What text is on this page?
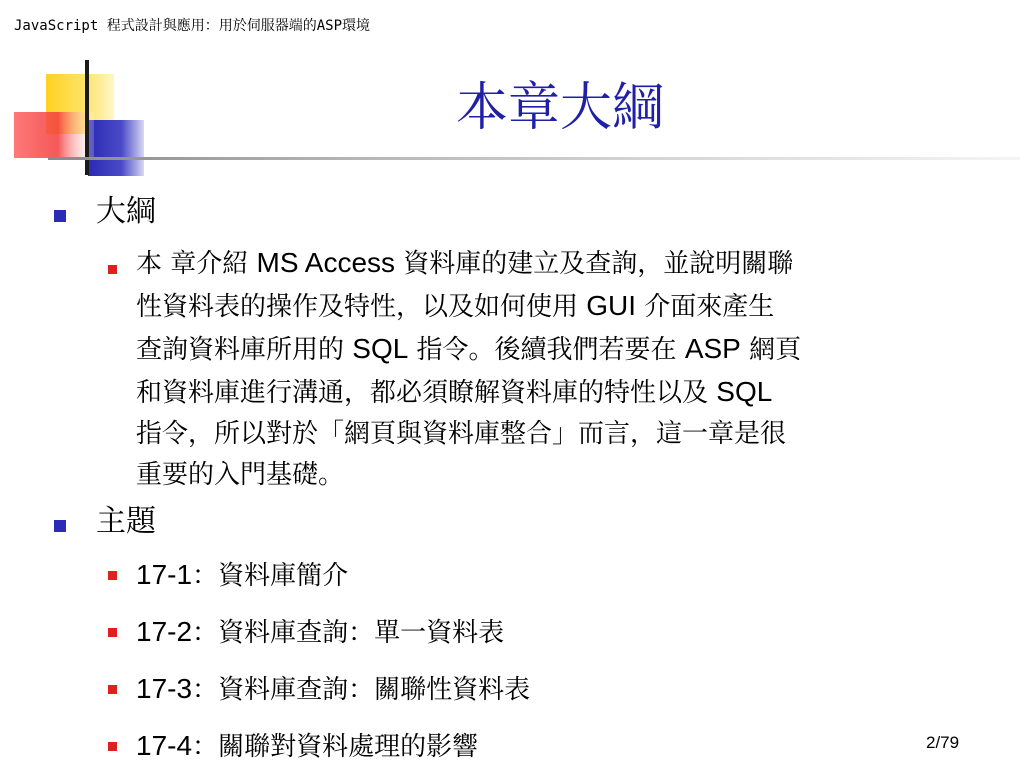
JavaScript 程式設計與應用：用於伺服器端的ASP環境
本章大綱
大綱
本 章介紹 MS Access 資料庫的建立及查詢，並說明關聯
性資料表的操作及特性，以及如何使用 GUI 介面來產生
查詢資料庫所用的 SQL 指令。後續我們若要在 ASP 網頁
和資料庫進行溝通，都必須瞭解資料庫的特性以及 SQL
指令，所以對於「網頁與資料庫整合」而言，這一章是很
重要的入門基礎。
主題
17-1：資料庫簡介
17-2：資料庫查詢：單一資料表
17-3：資料庫查詢：關聯性資料表
17-4：關聯對資料處理的影響	2/79
